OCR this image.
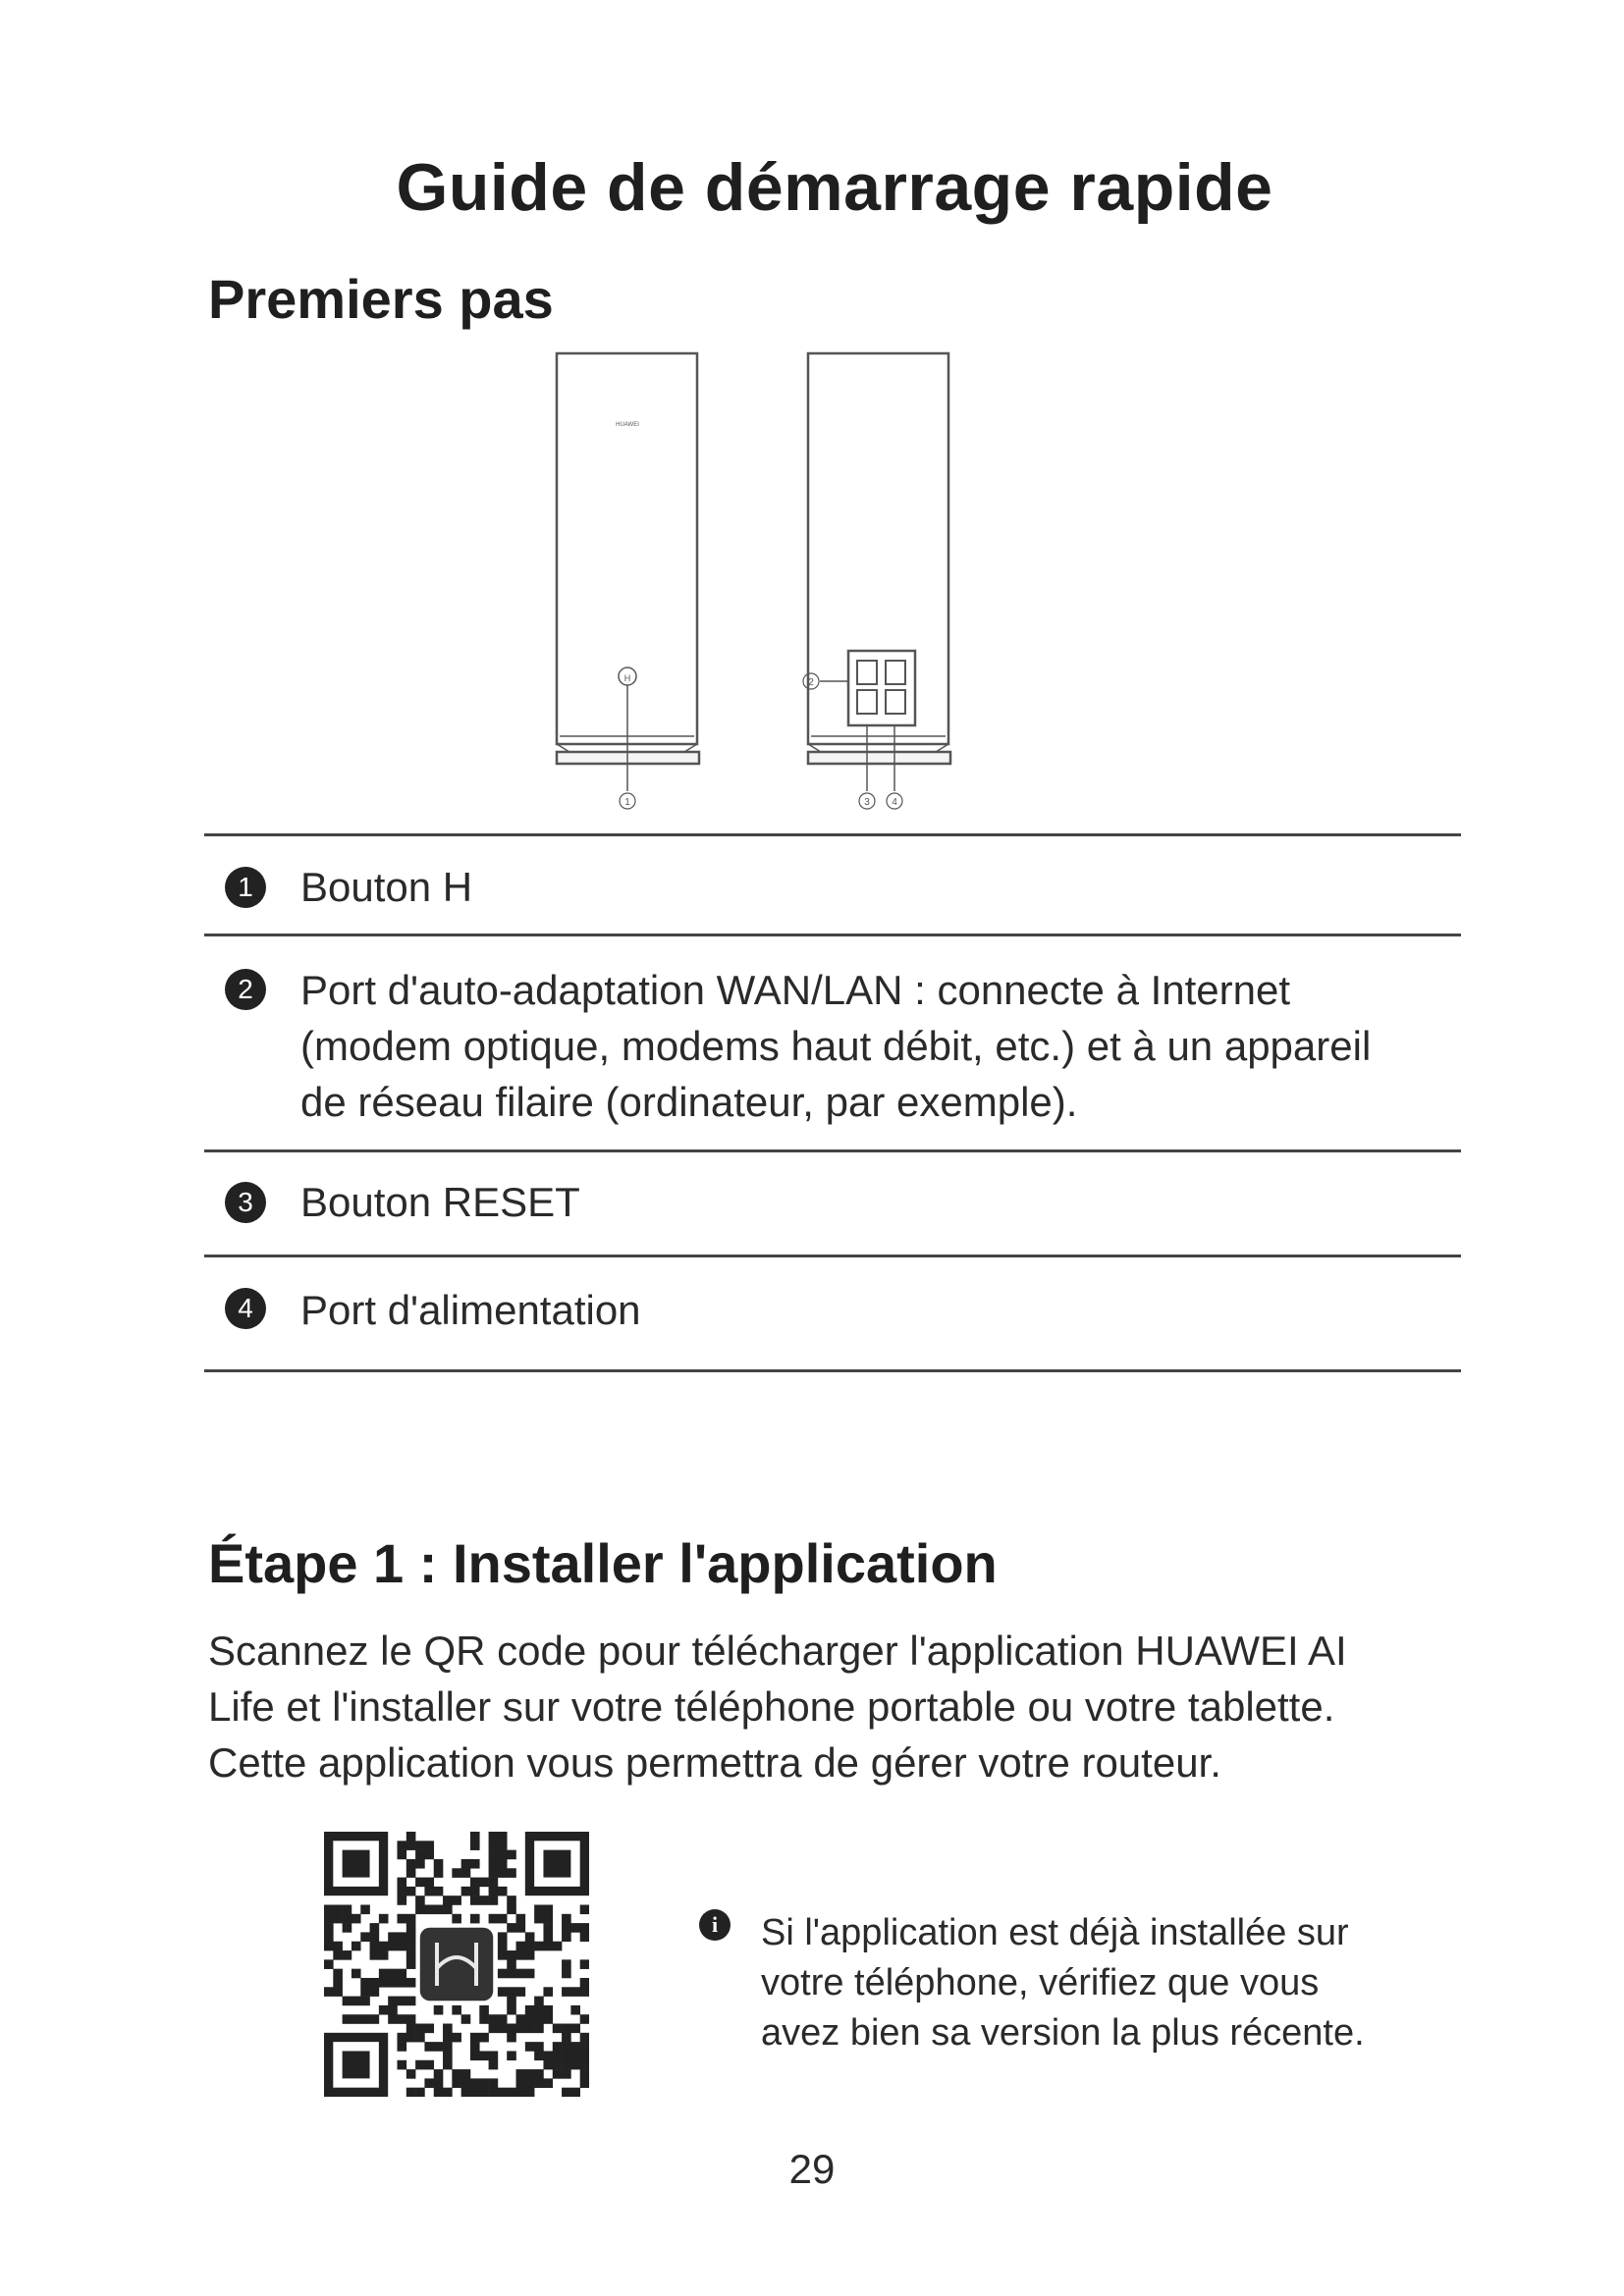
Guide de démarrage rapide
Premiers pas
H
HUAWEI
1
2
3 4
1	Bouton H
2	Port d'auto-adaptation WAN/LAN : connecte à Internet
(modem optique, modems haut débit, etc.) et à un appareil
de réseau filaire (ordinateur, par exemple).
3	Bouton RESET
4	Port d'alimentation
Étape 1 : Installer l'application
Scannez le QR code pour télécharger l'application HUAWEI AI
Life et l'installer sur votre téléphone portable ou votre tablette.
Cette application vous permettra de gérer votre routeur.
i	Si l'application est déjà installée sur
votre téléphone, vérifiez que vous
avez bien sa version la plus récente.
29
